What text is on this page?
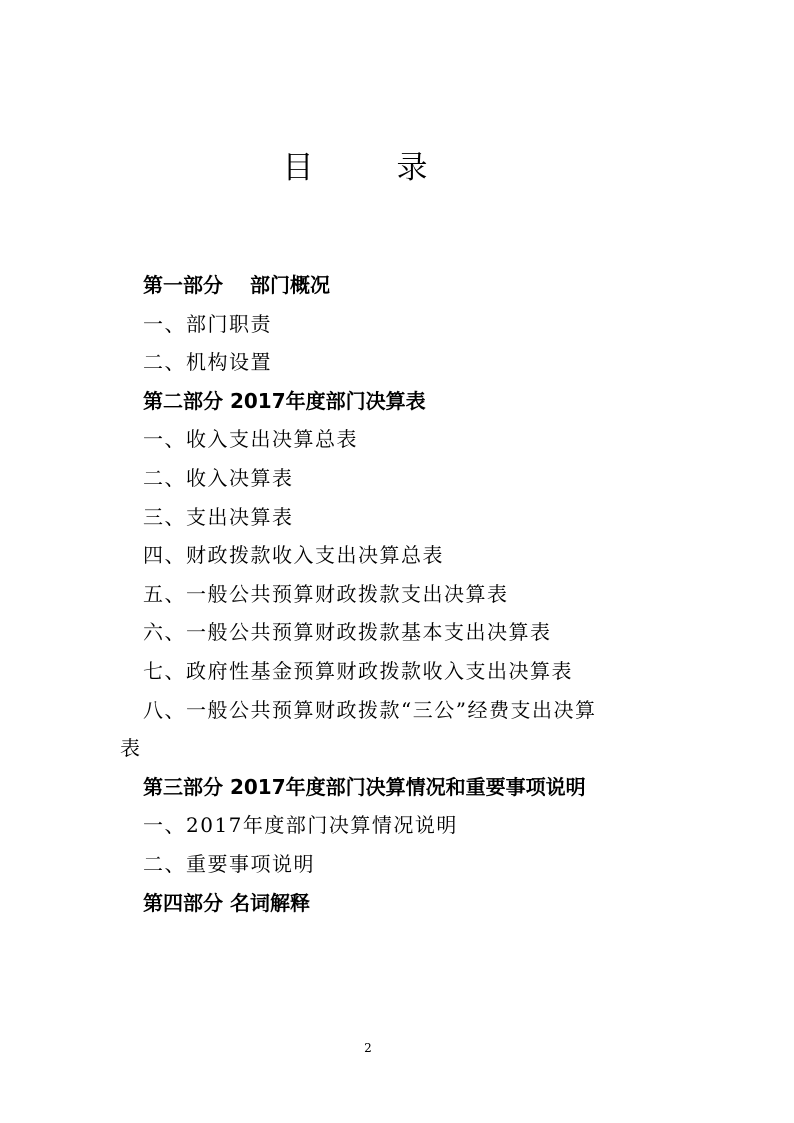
目　录
第一部分　 部门概况
一、部门职责
二、机构设置
第二部分 2017年度部门决算表
一、收入支出决算总表
二、收入决算表
三、支出决算表
四、财政拨款收入支出决算总表
五、一般公共预算财政拨款支出决算表
六、一般公共预算财政拨款基本支出决算表
七、政府性基金预算财政拨款收入支出决算表
八、一般公共预算财政拨款“三公”经费支出决算
表
第三部分 2017年度部门决算情况和重要事项说明
一、2017年度部门决算情况说明
二、重要事项说明
第四部分 名词解释
2
